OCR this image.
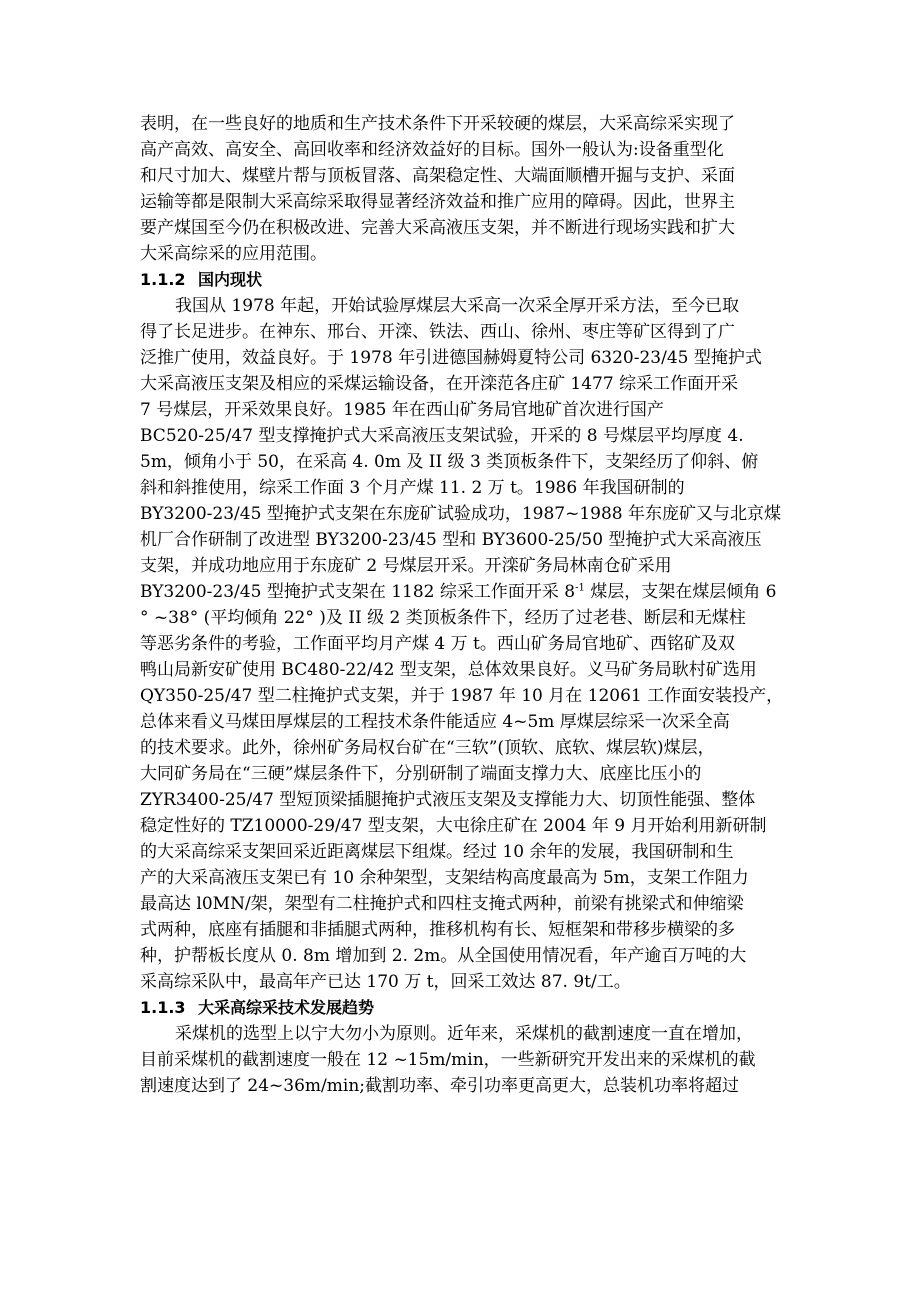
表明，在一些良好的地质和生产技术条件下开采较硬的煤层，大采高综采实现了
高产高效、高安全、高回收率和经济效益好的目标。国外一般认为:设备重型化
和尺寸加大、煤壁片帮与顶板冒落、高架稳定性、大端面顺槽开掘与支护、采面
运输等都是限制大采高综采取得显著经济效益和推广应用的障碍。因此，世界主
要产煤国至今仍在积极改进、完善大采高液压支架，并不断进行现场实践和扩大
大采高综采的应用范围。
1.1.2 国内现状
我国从 1978 年起，开始试验厚煤层大采高一次采全厚开采方法，至今已取
得了长足进步。在神东、邢台、开滦、铁法、西山、徐州、枣庄等矿区得到了广
泛推广使用，效益良好。于 1978 年引进德国赫姆夏特公司 6320-23/45 型掩护式
大采高液压支架及相应的采煤运输设备，在开滦范各庄矿 1477 综采工作面开采
7 号煤层，开采效果良好。1985 年在西山矿务局官地矿首次进行国产
BC520-25/47 型支撑掩护式大采高液压支架试验，开采的 8 号煤层平均厚度 4.
5m，倾角小于 50，在采高 4. 0m 及 II 级 3 类顶板条件下，支架经历了仰斜、俯
斜和斜推使用，综采工作面 3 个月产煤 11. 2 万 t。1986 年我国研制的
BY3200-23/45 型掩护式支架在东庞矿试验成功，1987~1988 年东庞矿又与北京煤
机厂合作研制了改进型 BY3200-23/45 型和 BY3600-25/50 型掩护式大采高液压
支架，并成功地应用于东庞矿 2 号煤层开采。开滦矿务局林南仓矿采用
BY3200-23/45 型掩护式支架在 1182 综采工作面开采 $8^{-1}$ 煤层，支架在煤层倾角 6
° ~38° (平均倾角 22° )及 II 级 2 类顶板条件下，经历了过老巷、断层和无煤柱
等恶劣条件的考验，工作面平均月产煤 4 万 t。西山矿务局官地矿、西铭矿及双
鸭山局新安矿使用 BC480-22/42 型支架，总体效果良好。义马矿务局耿村矿选用
QY350-25/47 型二柱掩护式支架，并于 1987 年 10 月在 12061 工作面安装投产，
总体来看义马煤田厚煤层的工程技术条件能适应 4~5m 厚煤层综采一次采全高
的技术要求。此外，徐州矿务局权台矿在“三软”(顶软、底软、煤层软)煤层，
大同矿务局在“三硬”煤层条件下，分别研制了端面支撑力大、底座比压小的
ZYR3400-25/47 型短顶梁插腿掩护式液压支架及支撑能力大、切顶性能强、整体
稳定性好的 TZ10000-29/47 型支架，大屯徐庄矿在 2004 年 9 月开始利用新研制
的大采高综采支架回采近距离煤层下组煤。经过 10 余年的发展，我国研制和生
产的大采高液压支架已有 10 余种架型，支架结构高度最高为 5m，支架工作阻力
最高达 l0MN/架，架型有二柱掩护式和四柱支掩式两种，前梁有挑梁式和伸缩梁
式两种，底座有插腿和非插腿式两种，推移机构有长、短框架和带移步横梁的多
种，护帮板长度从 0. 8m 增加到 2. 2m。从全国使用情况看，年产逾百万吨的大
采高综采队中，最高年产已达 170 万 t，回采工效达 87. 9t/工。
1.1.3 大采高综采技术发展趋势
采煤机的选型上以宁大勿小为原则。近年来，采煤机的截割速度一直在增加，
目前采煤机的截割速度一般在 12 ~15m/min，一些新研究开发出来的采煤机的截
割速度达到了 24~36m/min;截割功率、牵引功率更高更大，总装机功率将超过
